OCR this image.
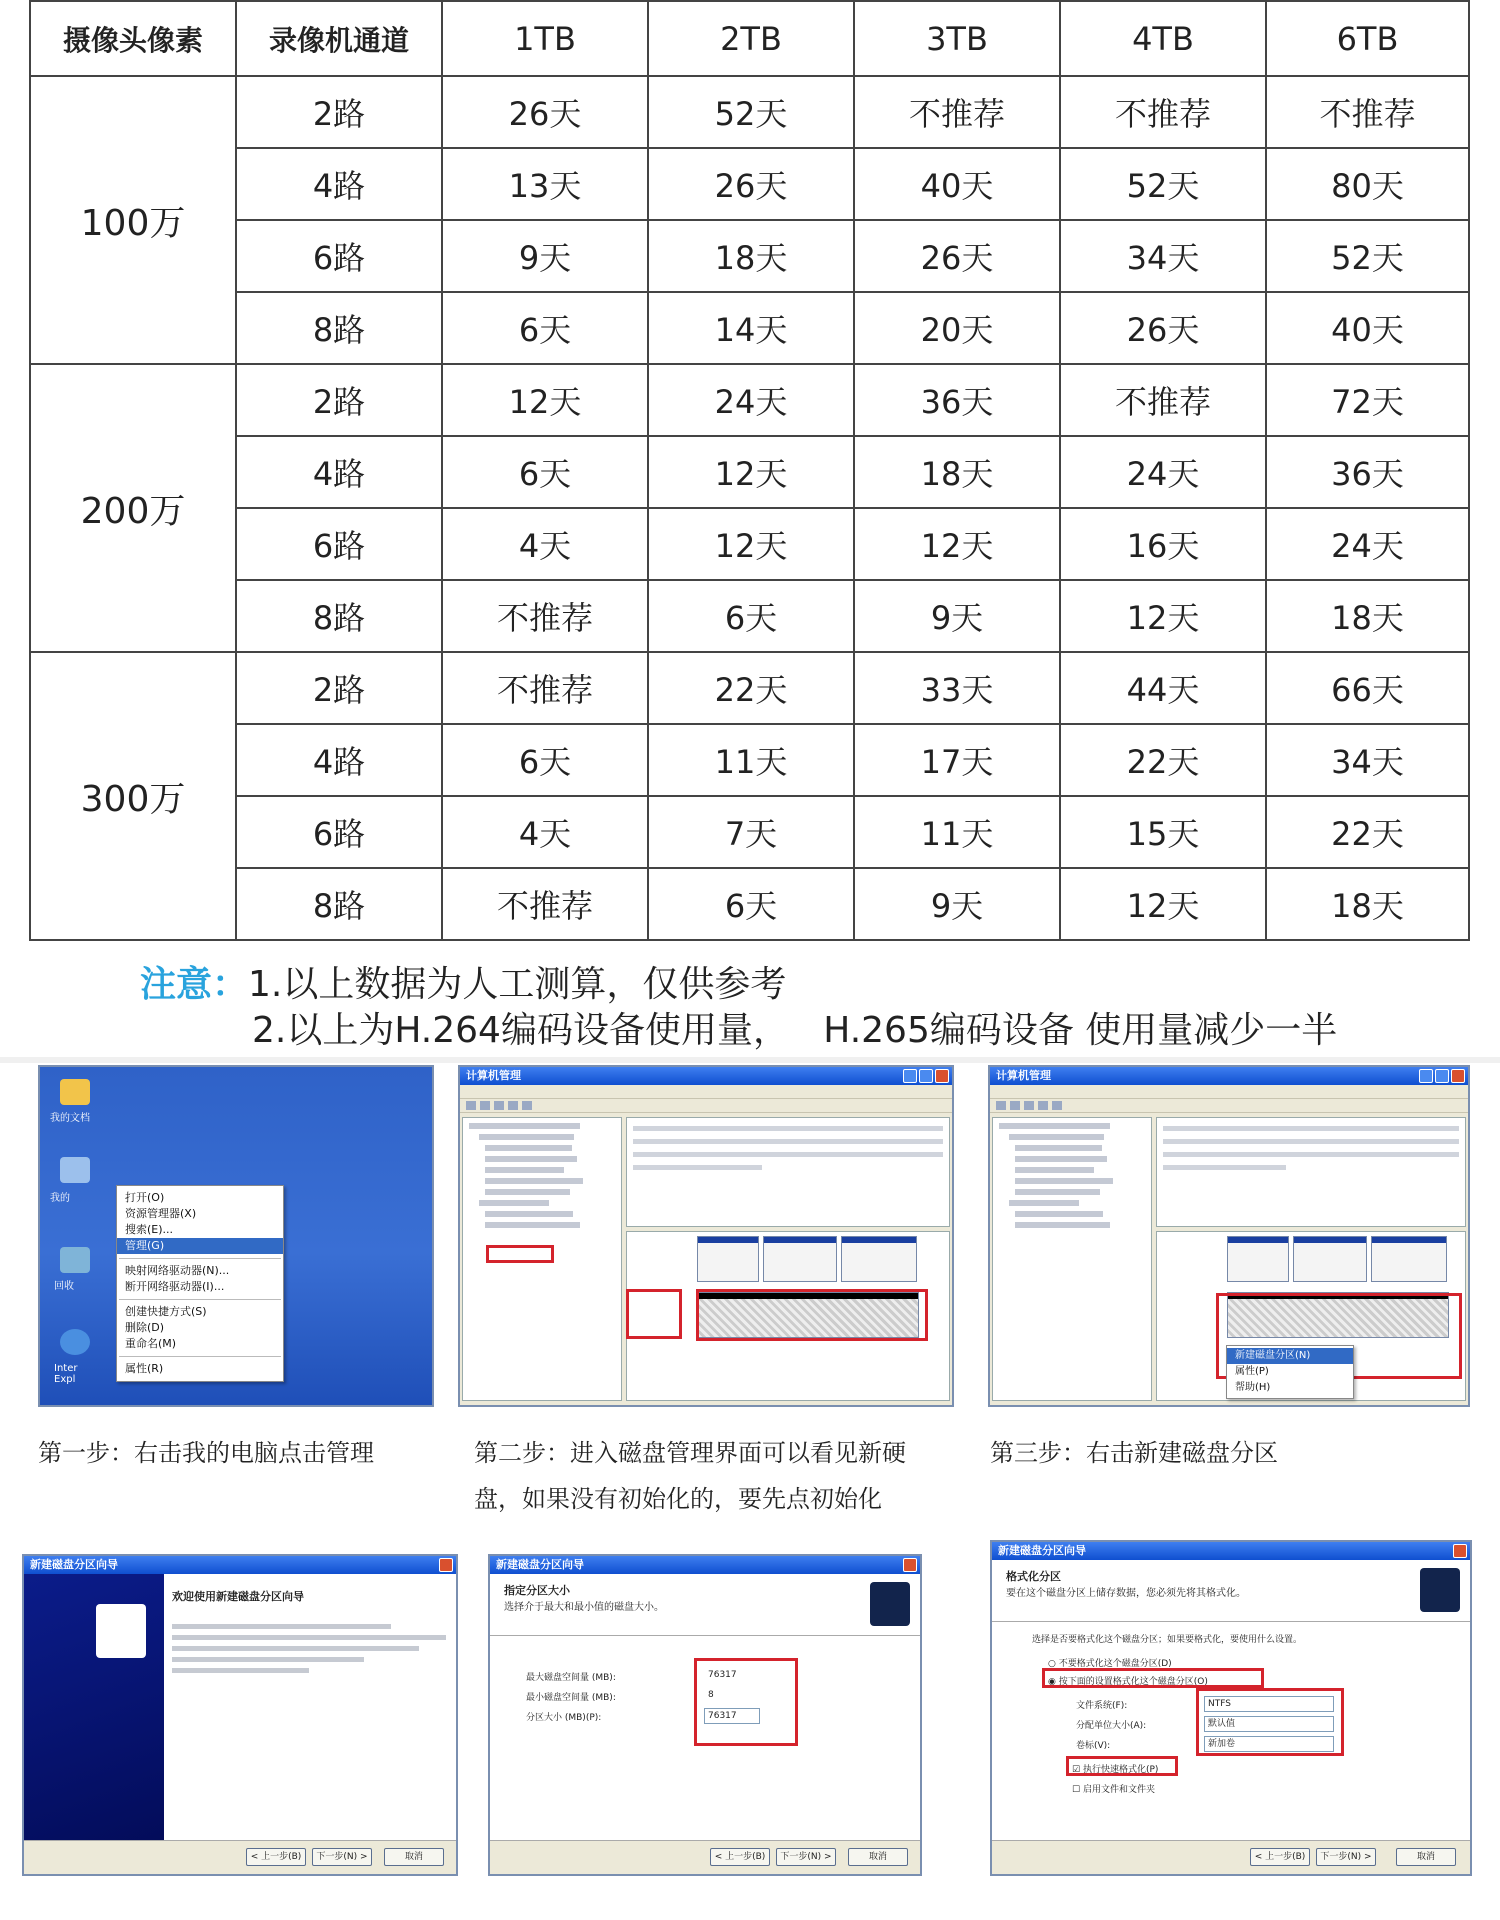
摄像头像素	录像机通道	1TB	2TB	3TB	4TB	6TB
100万	2路	26天	52天	不推荐	不推荐	不推荐
	4路	13天	26天	40天	52天	80天
	6路	9天	18天	26天	34天	52天
	8路	6天	14天	20天	26天	40天
200万	2路	12天	24天	36天	不推荐	72天
	4路	6天	12天	18天	24天	36天
	6路	4天	12天	12天	16天	24天
	8路	不推荐	6天	9天	12天	18天
300万	2路	不推荐	22天	33天	44天	66天
	4路	6天	11天	17天	22天	34天
	6路	4天	7天	11天	15天	22天
	8路	不推荐	6天	9天	12天	18天
注意：1.以上数据为人工测算，仅供参考
2.以上为H.264编码设备使用量，   H.265编码设备 使用量减少一半
我的文档
我的
回收
Inter Expl
打开(O)
资源管理器(X)
搜索(E)...
管理(G)
映射网络驱动器(N)...
断开网络驱动器(I)...
创建快捷方式(S)
删除(D)
重命名(M)
属性(R)
第一步：右击我的电脑点击管理
计算机管理
第二步：进入磁盘管理界面可以看见新硬
盘，如果没有初始化的，要先点初始化
计算机管理
新建磁盘分区(N)
属性(P)
帮助(H)
第三步：右击新建磁盘分区
新建磁盘分区向导
欢迎使用新建磁盘分区向导
< 上一步(B)	下一步(N) >	取消
新建磁盘分区向导
指定分区大小
选择介于最大和最小值的磁盘大小。
最大磁盘空间量 (MB):
最小磁盘空间量 (MB):
分区大小 (MB)(P):
76317
8
76317
< 上一步(B)	下一步(N) >	取消
新建磁盘分区向导
格式化分区
要在这个磁盘分区上储存数据，您必须先将其格式化。
选择是否要格式化这个磁盘分区；如果要格式化，要使用什么设置。
○ 不要格式化这个磁盘分区(D)
◉ 按下面的设置格式化这个磁盘分区(O)
文件系统(F):
分配单位大小(A):
卷标(V):
NTFS
默认值
新加卷
☑ 执行快速格式化(P)
☐ 启用文件和文件夹
< 上一步(B)	下一步(N) >	取消
